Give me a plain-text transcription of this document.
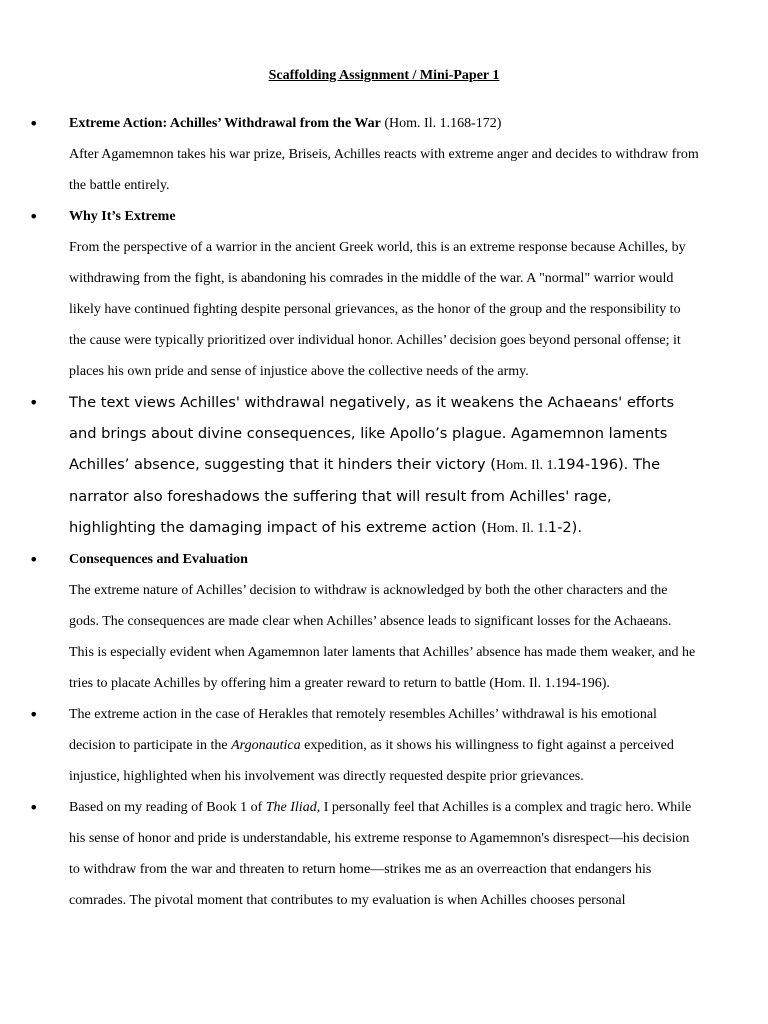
Scaffolding Assignment / Mini-Paper 1
• Extreme Action: Achilles’ Withdrawal from the War (Hom. Il. 1.168-172)

After Agamemnon takes his war prize, Briseis, Achilles reacts with extreme anger and decides to withdraw from the battle entirely.

• Why It’s Extreme

From the perspective of a warrior in the ancient Greek world, this is an extreme response because Achilles, by withdrawing from the fight, is abandoning his comrades in the middle of the war. A "normal" warrior would likely have continued fighting despite personal grievances, as the honor of the group and the responsibility to the cause were typically prioritized over individual honor. Achilles’ decision goes beyond personal offense; it places his own pride and sense of injustice above the collective needs of the army.

• The text views Achilles' withdrawal negatively, as it weakens the Achaeans' efforts and brings about divine consequences, like Apollo’s plague. Agamemnon laments Achilles’ absence, suggesting that it hinders their victory (Hom. Il. 1.194-196). The narrator also foreshadows the suffering that will result from Achilles' rage, highlighting the damaging impact of his extreme action (Hom. Il. 1.1-2).

• Consequences and Evaluation

The extreme nature of Achilles’ decision to withdraw is acknowledged by both the other characters and the gods. The consequences are made clear when Achilles’ absence leads to significant losses for the Achaeans. This is especially evident when Agamemnon later laments that Achilles’ absence has made them weaker, and he tries to placate Achilles by offering him a greater reward to return to battle (Hom. Il. 1.194-196).

• The extreme action in the case of Herakles that remotely resembles Achilles’ withdrawal is his emotional decision to participate in the Argonautica expedition, as it shows his willingness to fight against a perceived injustice, highlighted when his involvement was directly requested despite prior grievances.

• Based on my reading of Book 1 of The Iliad, I personally feel that Achilles is a complex and tragic hero. While his sense of honor and pride is understandable, his extreme response to Agamemnon's disrespect—his decision to withdraw from the war and threaten to return home—strikes me as an overreaction that endangers his comrades. The pivotal moment that contributes to my evaluation is when Achilles chooses personal
